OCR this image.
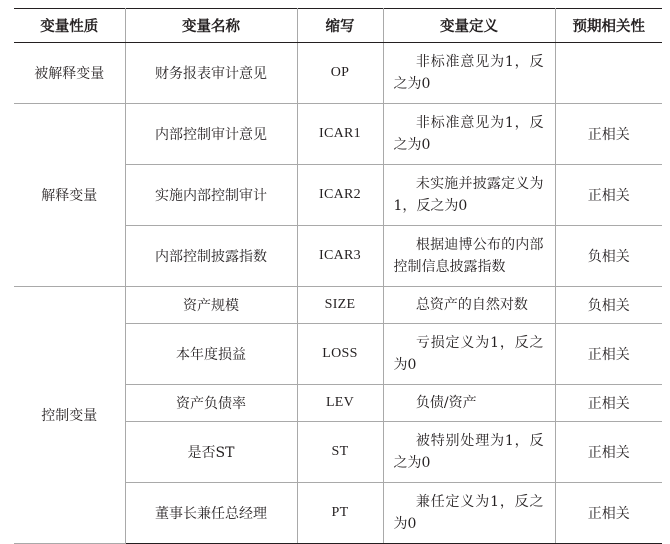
变量性质	变量名称	缩写	变量定义	预期相关性
被解释变量	财务报表审计意见	OP	非标准意见为1，反之为0	

解释变量	内部控制审计意见	ICAR1	非标准意见为1，反之为0	正相关
	实施内部控制审计	ICAR2	未实施并披露定义为1，反之为0	正相关
	内部控制披露指数	ICAR3	根据迪博公布的内部控制信息披露指数	负相关
控制变量	资产规模	SIZE	总资产的自然对数	负相关
	本年度损益	LOSS	亏损定义为1，反之为0	正相关
	资产负债率	LEV	负债/资产	正相关
	是否ST	ST	被特别处理为1，反之为0	正相关
	董事长兼任总经理	PT	兼任定义为1，反之为0	正相关
